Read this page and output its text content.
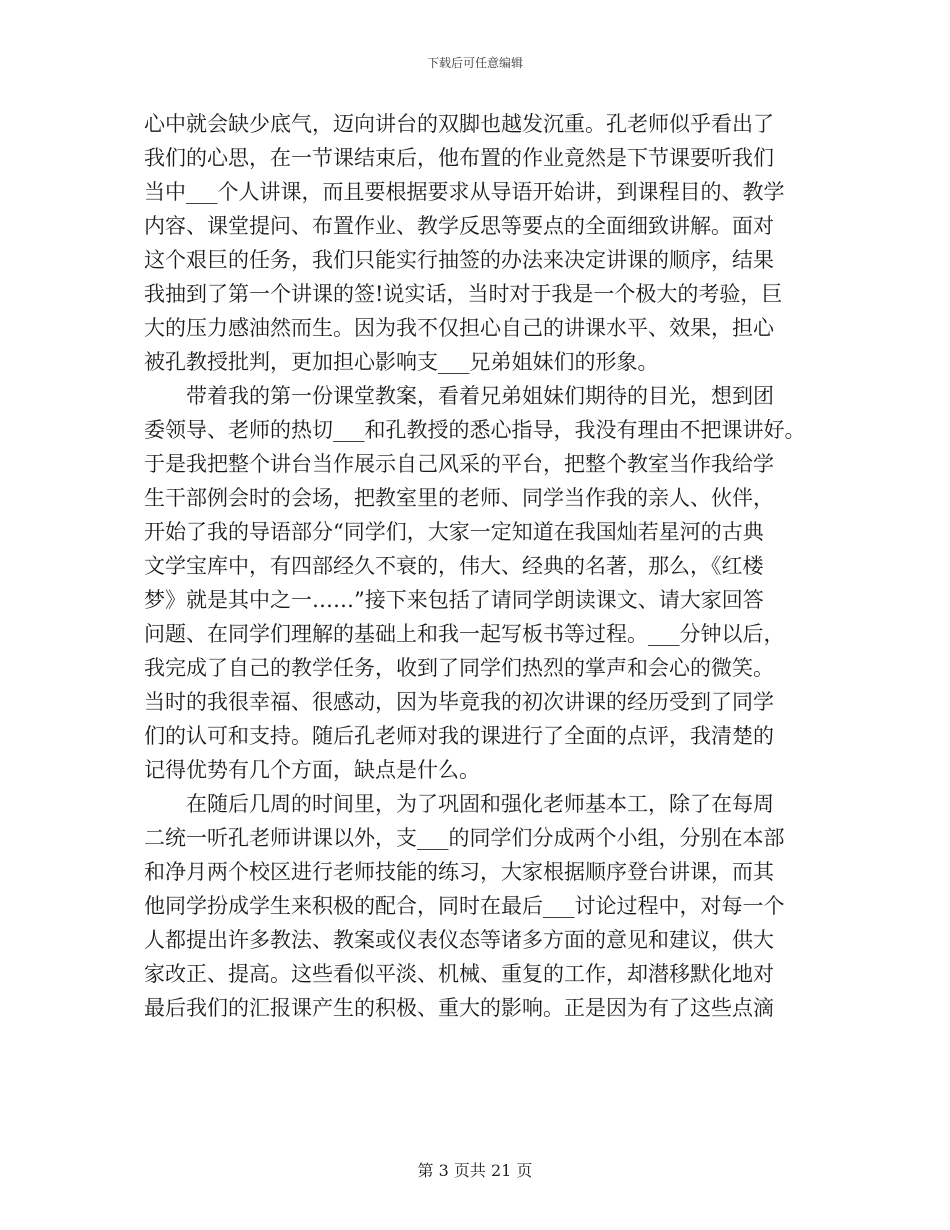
下载后可任意编辑
心中就会缺少底气，迈向讲台的双脚也越发沉重。孔老师似乎看出了
我们的心思，在一节课结束后，他布置的作业竟然是下节课要听我们
当中___个人讲课，而且要根据要求从导语开始讲，到课程目的、教学
内容、课堂提问、布置作业、教学反思等要点的全面细致讲解。面对
这个艰巨的任务，我们只能实行抽签的办法来决定讲课的顺序，结果
我抽到了第一个讲课的签!说实话，当时对于我是一个极大的考验，巨
大的压力感油然而生。因为我不仅担心自己的讲课水平、效果，担心
被孔教授批判，更加担心影响支___兄弟姐妹们的形象。
带着我的第一份课堂教案，看着兄弟姐妹们期待的目光，想到团
委领导、老师的热切___和孔教授的悉心指导，我没有理由不把课讲好。
于是我把整个讲台当作展示自己风采的平台，把整个教室当作我给学
生干部例会时的会场，把教室里的老师、同学当作我的亲人、伙伴，
开始了我的导语部分“同学们，大家一定知道在我国灿若星河的古典
文学宝库中，有四部经久不衰的，伟大、经典的名著，那么，《红楼
梦》就是其中之一……”接下来包括了请同学朗读课文、请大家回答
问题、在同学们理解的基础上和我一起写板书等过程。___分钟以后，
我完成了自己的教学任务，收到了同学们热烈的掌声和会心的微笑。
当时的我很幸福、很感动，因为毕竟我的初次讲课的经历受到了同学
们的认可和支持。随后孔老师对我的课进行了全面的点评，我清楚的
记得优势有几个方面，缺点是什么。
在随后几周的时间里，为了巩固和强化老师基本工，除了在每周
二统一听孔老师讲课以外，支___的同学们分成两个小组，分别在本部
和净月两个校区进行老师技能的练习，大家根据顺序登台讲课，而其
他同学扮成学生来积极的配合，同时在最后___讨论过程中，对每一个
人都提出许多教法、教案或仪表仪态等诸多方面的意见和建议，供大
家改正、提高。这些看似平淡、机械、重复的工作，却潜移默化地对
最后我们的汇报课产生的积极、重大的影响。正是因为有了这些点滴
第 3 页共 21 页
